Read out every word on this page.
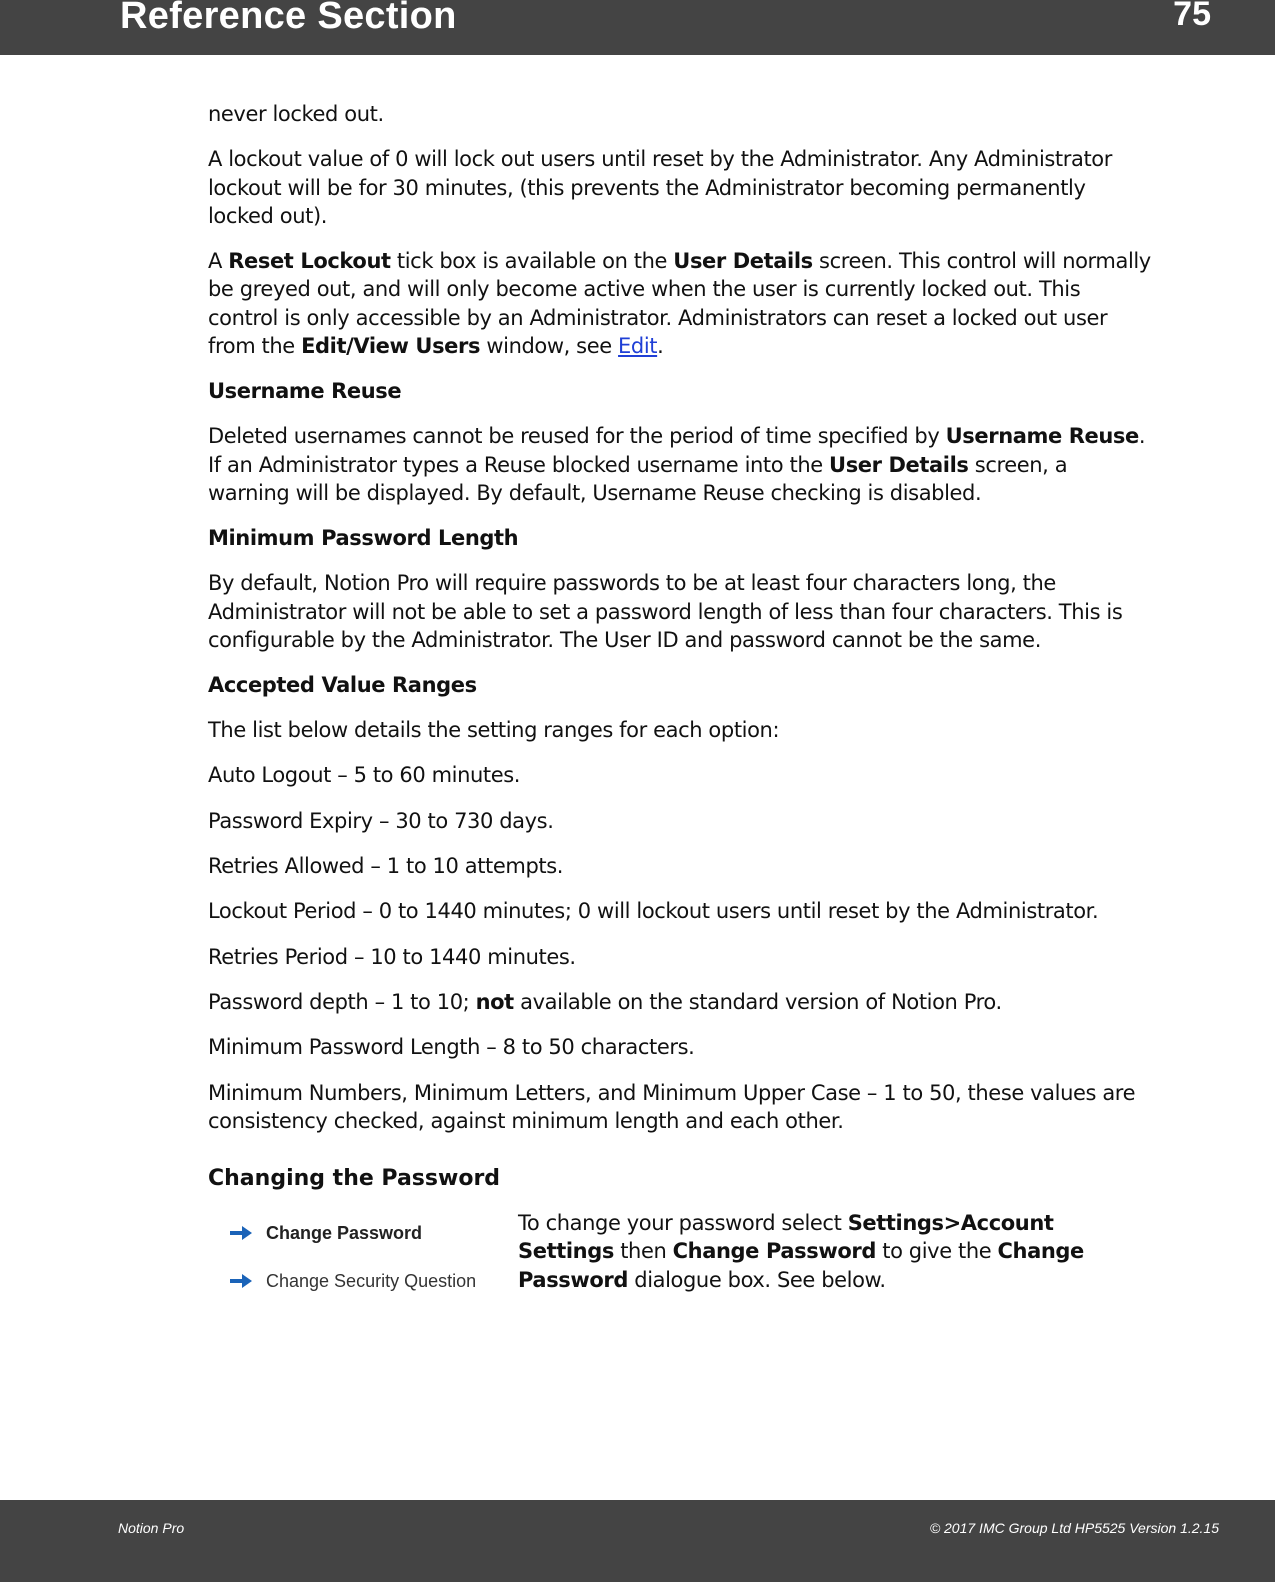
Reference Section	75

never locked out.

A lockout value of 0 will lock out users until reset by the Administrator. Any Administrator lockout will be for 30 minutes, (this prevents the Administrator becoming permanently locked out).

A Reset Lockout tick box is available on the User Details screen. This control will normally be greyed out, and will only become active when the user is currently locked out. This control is only accessible by an Administrator. Administrators can reset a locked out user from the Edit/View Users window, see Edit.

Username Reuse

Deleted usernames cannot be reused for the period of time specified by Username Reuse. If an Administrator types a Reuse blocked username into the User Details screen, a warning will be displayed. By default, Username Reuse checking is disabled.

Minimum Password Length

By default, Notion Pro will require passwords to be at least four characters long, the Administrator will not be able to set a password length of less than four characters. This is configurable by the Administrator. The User ID and password cannot be the same.

Accepted Value Ranges

The list below details the setting ranges for each option:

Auto Logout – 5 to 60 minutes.

Password Expiry – 30 to 730 days.

Retries Allowed – 1 to 10 attempts.

Lockout Period – 0 to 1440 minutes; 0 will lockout users until reset by the Administrator.

Retries Period – 10 to 1440 minutes.

Password depth – 1 to 10; not available on the standard version of Notion Pro.

Minimum Password Length – 8 to 50 characters.

Minimum Numbers, Minimum Letters, and Minimum Upper Case – 1 to 50, these values are consistency checked, against minimum length and each other.

Changing the Password
Change Password
Change Security Question

To change your password select Settings>Account Settings then Change Password to give the Change Password dialogue box. See below.

Notion Pro	© 2017 IMC Group Ltd HP5525 Version 1.2.15
